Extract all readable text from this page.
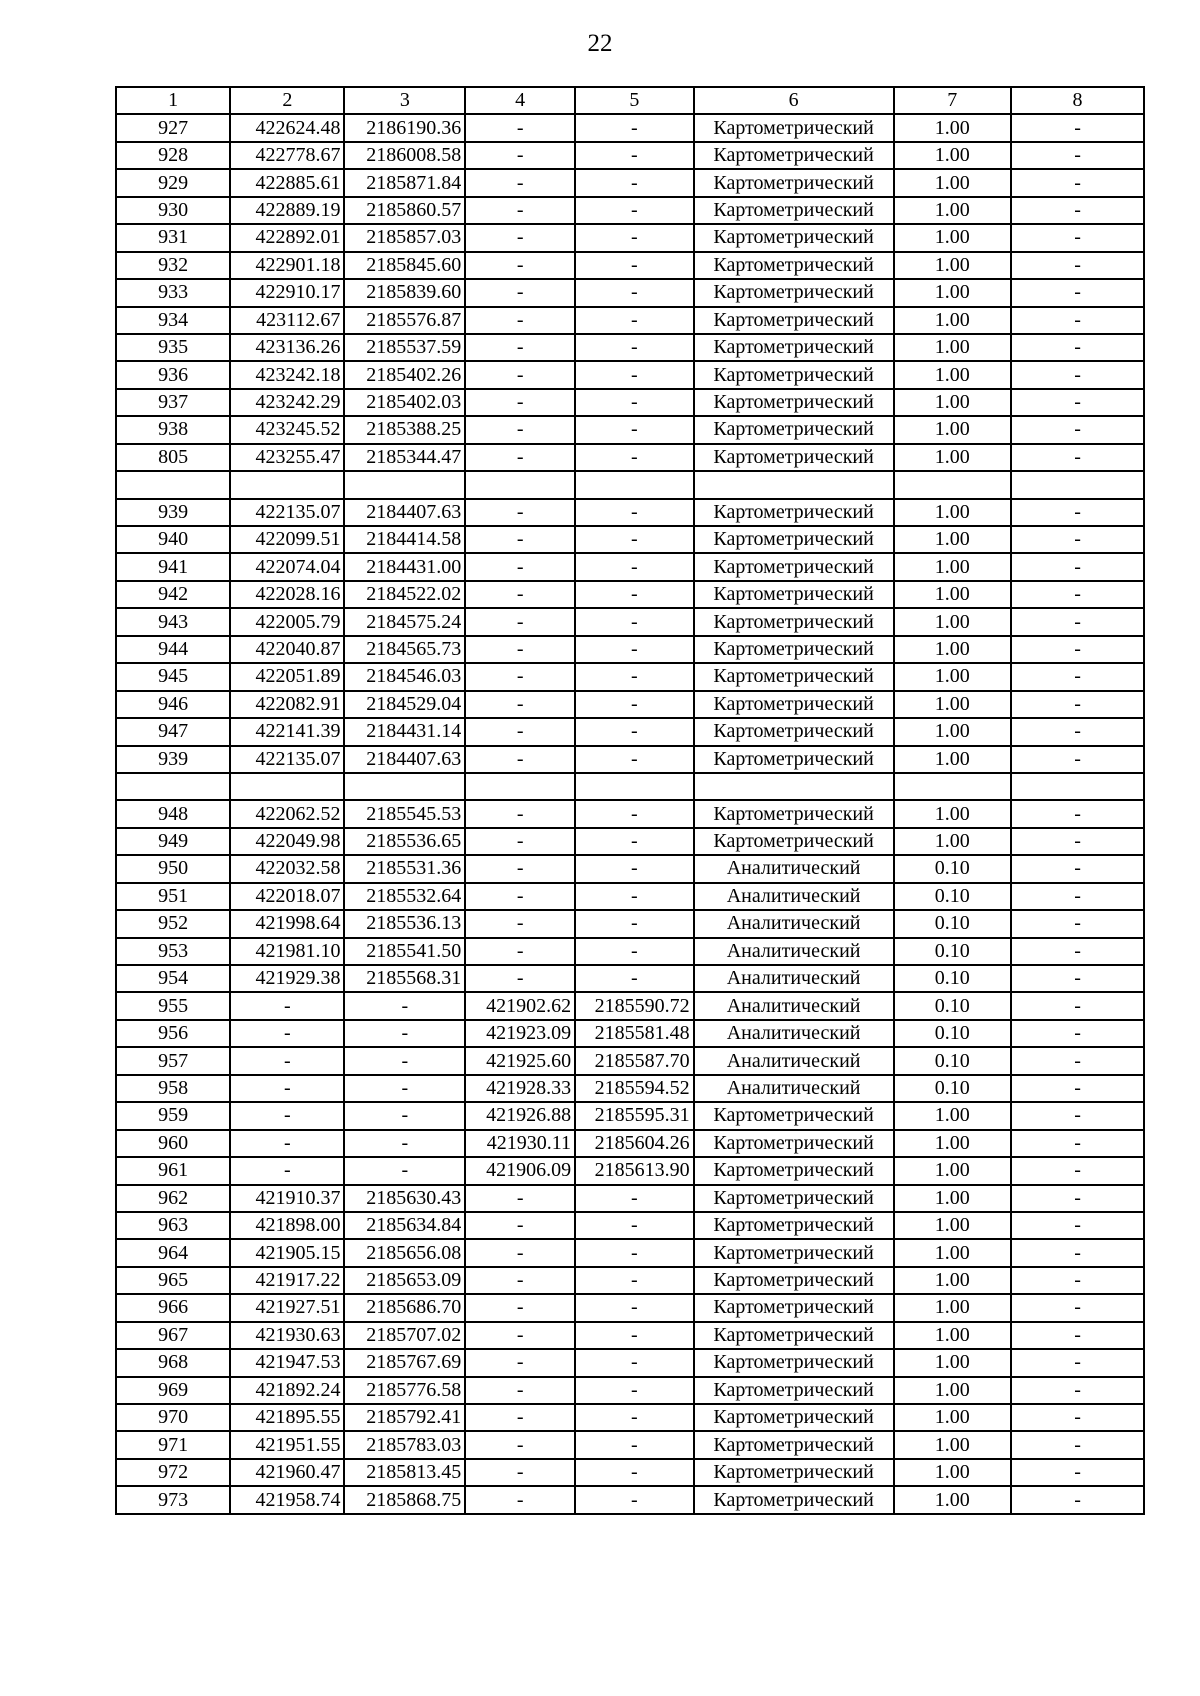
22
1	2	3	4	5	6	7	8
927	422624.48	2186190.36	-	-	Картометрический	1.00	-
928	422778.67	2186008.58	-	-	Картометрический	1.00	-
929	422885.61	2185871.84	-	-	Картометрический	1.00	-
930	422889.19	2185860.57	-	-	Картометрический	1.00	-
931	422892.01	2185857.03	-	-	Картометрический	1.00	-
932	422901.18	2185845.60	-	-	Картометрический	1.00	-
933	422910.17	2185839.60	-	-	Картометрический	1.00	-
934	423112.67	2185576.87	-	-	Картометрический	1.00	-
935	423136.26	2185537.59	-	-	Картометрический	1.00	-
936	423242.18	2185402.26	-	-	Картометрический	1.00	-
937	423242.29	2185402.03	-	-	Картометрический	1.00	-
938	423245.52	2185388.25	-	-	Картометрический	1.00	-
805	423255.47	2185344.47	-	-	Картометрический	1.00	-

939	422135.07	2184407.63	-	-	Картометрический	1.00	-
940	422099.51	2184414.58	-	-	Картометрический	1.00	-
941	422074.04	2184431.00	-	-	Картометрический	1.00	-
942	422028.16	2184522.02	-	-	Картометрический	1.00	-
943	422005.79	2184575.24	-	-	Картометрический	1.00	-
944	422040.87	2184565.73	-	-	Картометрический	1.00	-
945	422051.89	2184546.03	-	-	Картометрический	1.00	-
946	422082.91	2184529.04	-	-	Картометрический	1.00	-
947	422141.39	2184431.14	-	-	Картометрический	1.00	-
939	422135.07	2184407.63	-	-	Картометрический	1.00	-

948	422062.52	2185545.53	-	-	Картометрический	1.00	-
949	422049.98	2185536.65	-	-	Картометрический	1.00	-
950	422032.58	2185531.36	-	-	Аналитический	0.10	-
951	422018.07	2185532.64	-	-	Аналитический	0.10	-
952	421998.64	2185536.13	-	-	Аналитический	0.10	-
953	421981.10	2185541.50	-	-	Аналитический	0.10	-
954	421929.38	2185568.31	-	-	Аналитический	0.10	-
955	-	-	421902.62	2185590.72	Аналитический	0.10	-
956	-	-	421923.09	2185581.48	Аналитический	0.10	-
957	-	-	421925.60	2185587.70	Аналитический	0.10	-
958	-	-	421928.33	2185594.52	Аналитический	0.10	-
959	-	-	421926.88	2185595.31	Картометрический	1.00	-
960	-	-	421930.11	2185604.26	Картометрический	1.00	-
961	-	-	421906.09	2185613.90	Картометрический	1.00	-
962	421910.37	2185630.43	-	-	Картометрический	1.00	-
963	421898.00	2185634.84	-	-	Картометрический	1.00	-
964	421905.15	2185656.08	-	-	Картометрический	1.00	-
965	421917.22	2185653.09	-	-	Картометрический	1.00	-
966	421927.51	2185686.70	-	-	Картометрический	1.00	-
967	421930.63	2185707.02	-	-	Картометрический	1.00	-
968	421947.53	2185767.69	-	-	Картометрический	1.00	-
969	421892.24	2185776.58	-	-	Картометрический	1.00	-
970	421895.55	2185792.41	-	-	Картометрический	1.00	-
971	421951.55	2185783.03	-	-	Картометрический	1.00	-
972	421960.47	2185813.45	-	-	Картометрический	1.00	-
973	421958.74	2185868.75	-	-	Картометрический	1.00	-
